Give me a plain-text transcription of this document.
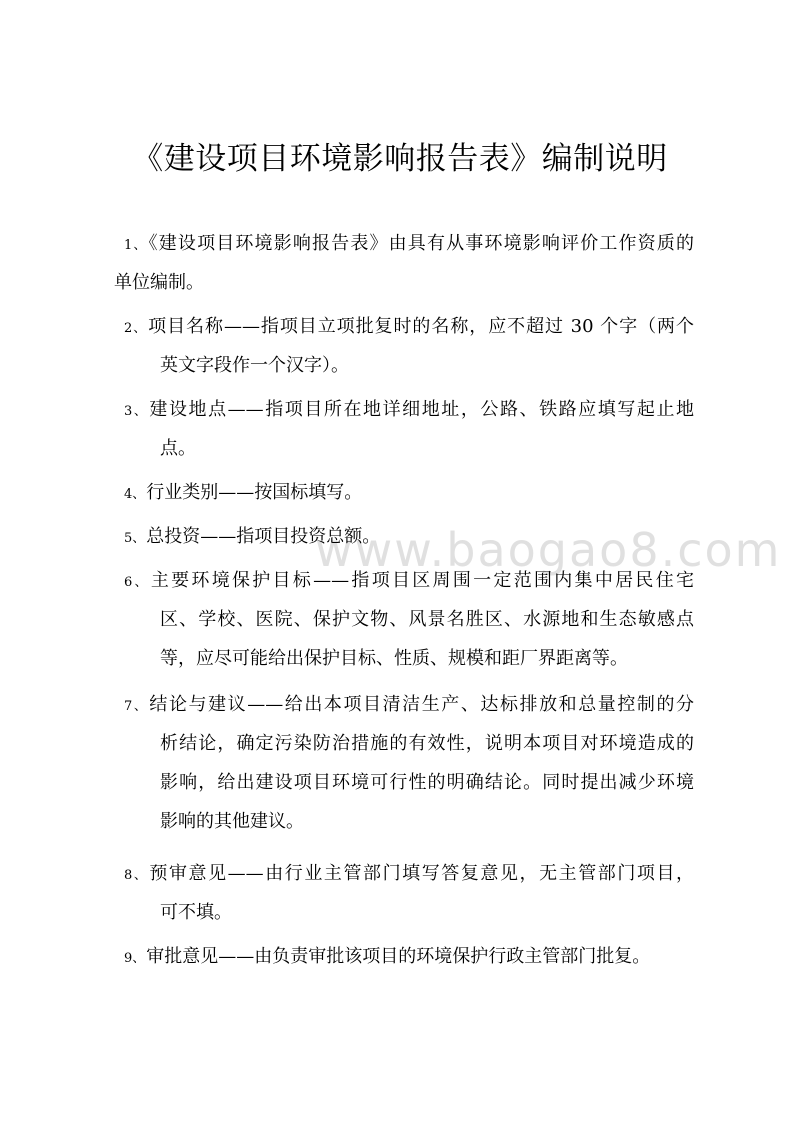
《建设项目环境影响报告表》编制说明
www.baogao8.com
1、《建设项目环境影响报告表》由具有从事环境影响评价工作资质的
单位编制。
2、项目名称——指项目立项批复时的名称，应不超过 30 个字（两个
英文字段作一个汉字）。
3、建设地点——指项目所在地详细地址，公路、铁路应填写起止地
点。
4、行业类别——按国标填写。
5、总投资——指项目投资总额。
6、主要环境保护目标——指项目区周围一定范围内集中居民住宅
区、学校、医院、保护文物、风景名胜区、水源地和生态敏感点
等，应尽可能给出保护目标、性质、规模和距厂界距离等。
7、结论与建议——给出本项目清洁生产、达标排放和总量控制的分
析结论，确定污染防治措施的有效性，说明本项目对环境造成的
影响，给出建设项目环境可行性的明确结论。同时提出减少环境
影响的其他建议。
8、预审意见——由行业主管部门填写答复意见，无主管部门项目，
可不填。
9、审批意见——由负责审批该项目的环境保护行政主管部门批复。
